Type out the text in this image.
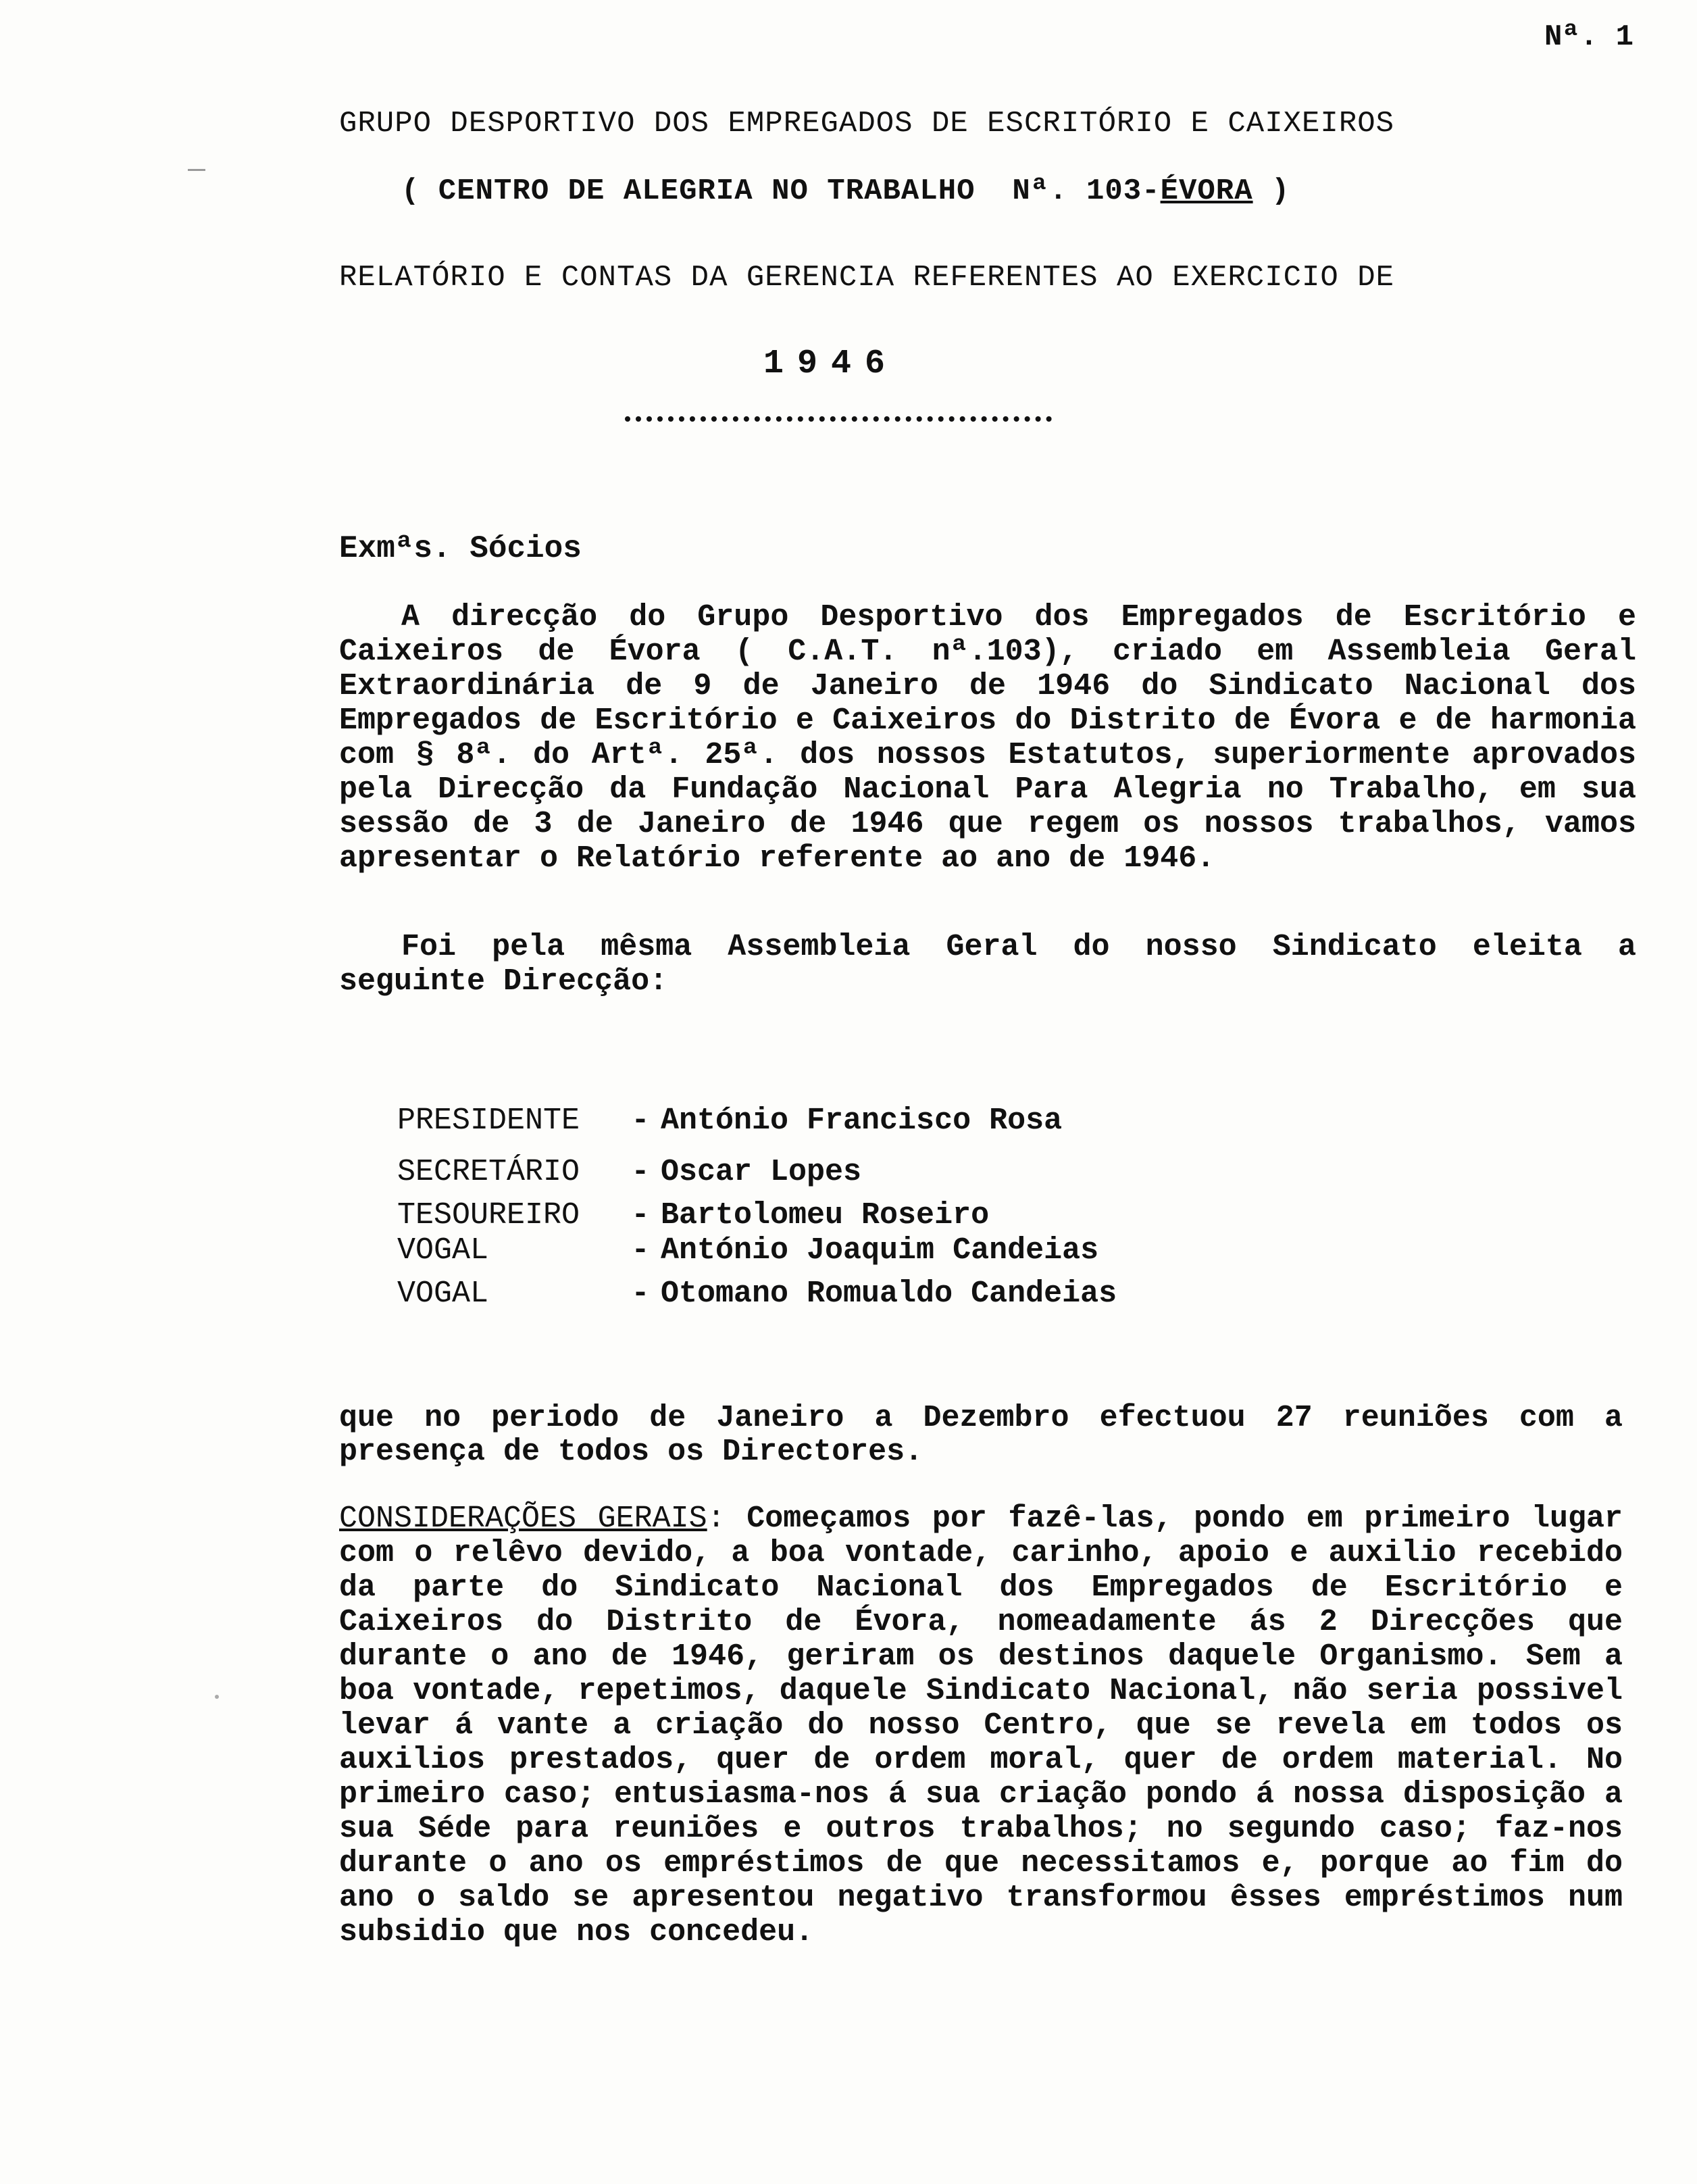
Nª. 1
GRUPO DESPORTIVO DOS EMPREGADOS DE ESCRITÓRIO E CAIXEIROS
( CENTRO DE ALEGRIA NO TRABALHO  Nª. 103-ÉVORA )
RELATÓRIO E CONTAS DA GERENCIA REFERENTES AO EXERCICIO DE
1946
Exmªs. Sócios

A direcção do Grupo Desportivo dos Empregados de Escritório e Caixeiros de Évora ( C.A.T. nª.103), criado em Assembleia Geral Extraordinária de 9 de Janeiro de 1946 do Sindicato Nacional dos Empregados de Escritório e Caixeiros do Distrito de Évora e de harmonia com § 8ª. do Artª. 25ª. dos nossos Estatutos, superiormente aprovados pela Direcção da Fundação Nacional Para Alegria no Trabalho, em sua sessão de 3 de Janeiro de 1946 que regem os nossos trabalhos, vamos apresentar o Relatório referente ao ano de 1946.

Foi pela mêsma Assembleia Geral do nosso Sindicato eleita a seguinte Direcção:

PRESIDENTE	- António Francisco Rosa
SECRETÁRIO	- Oscar Lopes
TESOUREIRO	- Bartolomeu Roseiro
VOGAL	- António Joaquim Candeias
VOGAL	- Otomano Romualdo Candeias

que no periodo de Janeiro a Dezembro efectuou 27 reuniões com a presença de todos os Directores.

CONSIDERAÇÕES GERAIS: Começamos por fazê-las, pondo em primeiro lugar com o relêvo devido, a boa vontade, carinho, apoio e auxilio recebido da parte do Sindicato Nacional dos Empregados de Escritório e Caixeiros do Distrito de Évora, nomeadamente ás 2 Direcções que durante o ano de 1946, geriram os destinos daquele Organismo. Sem a boa vontade, repetimos, daquele Sindicato Nacional, não seria possivel levar á vante a criação do nosso Centro, que se revela em todos os auxilios prestados, quer de ordem moral, quer de ordem material. No primeiro caso; entusiasma-nos á sua criação pondo á nossa disposição a sua Séde para reuniões e outros trabalhos; no segundo caso; faz-nos durante o ano os empréstimos de que necessitamos e, porque ao fim do ano o saldo se apresentou negativo transformou êsses empréstimos num subsidio que nos concedeu.
